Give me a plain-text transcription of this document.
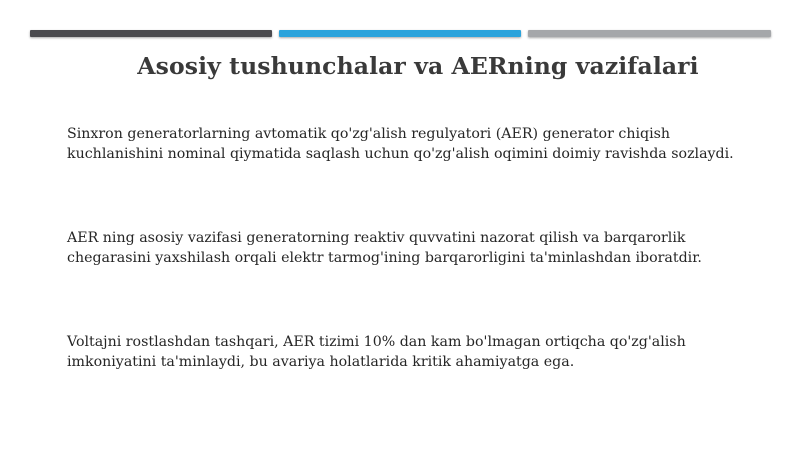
Asosiy tushunchalar va AERning vazifalari

Sinxron generatorlarning avtomatik qo'zg'alish regulyatori (AER) generator chiqish
kuchlanishini nominal qiymatida saqlash uchun qo'zg'alish oqimini doimiy ravishda sozlaydi.

AER ning asosiy vazifasi generatorning reaktiv quvvatini nazorat qilish va barqarorlik
chegarasini yaxshilash orqali elektr tarmog'ining barqarorligini ta'minlashdan iboratdir.

Voltajni rostlashdan tashqari, AER tizimi 10% dan kam bo'lmagan ortiqcha qo'zg'alish
imkoniyatini ta'minlaydi, bu avariya holatlarida kritik ahamiyatga ega.
